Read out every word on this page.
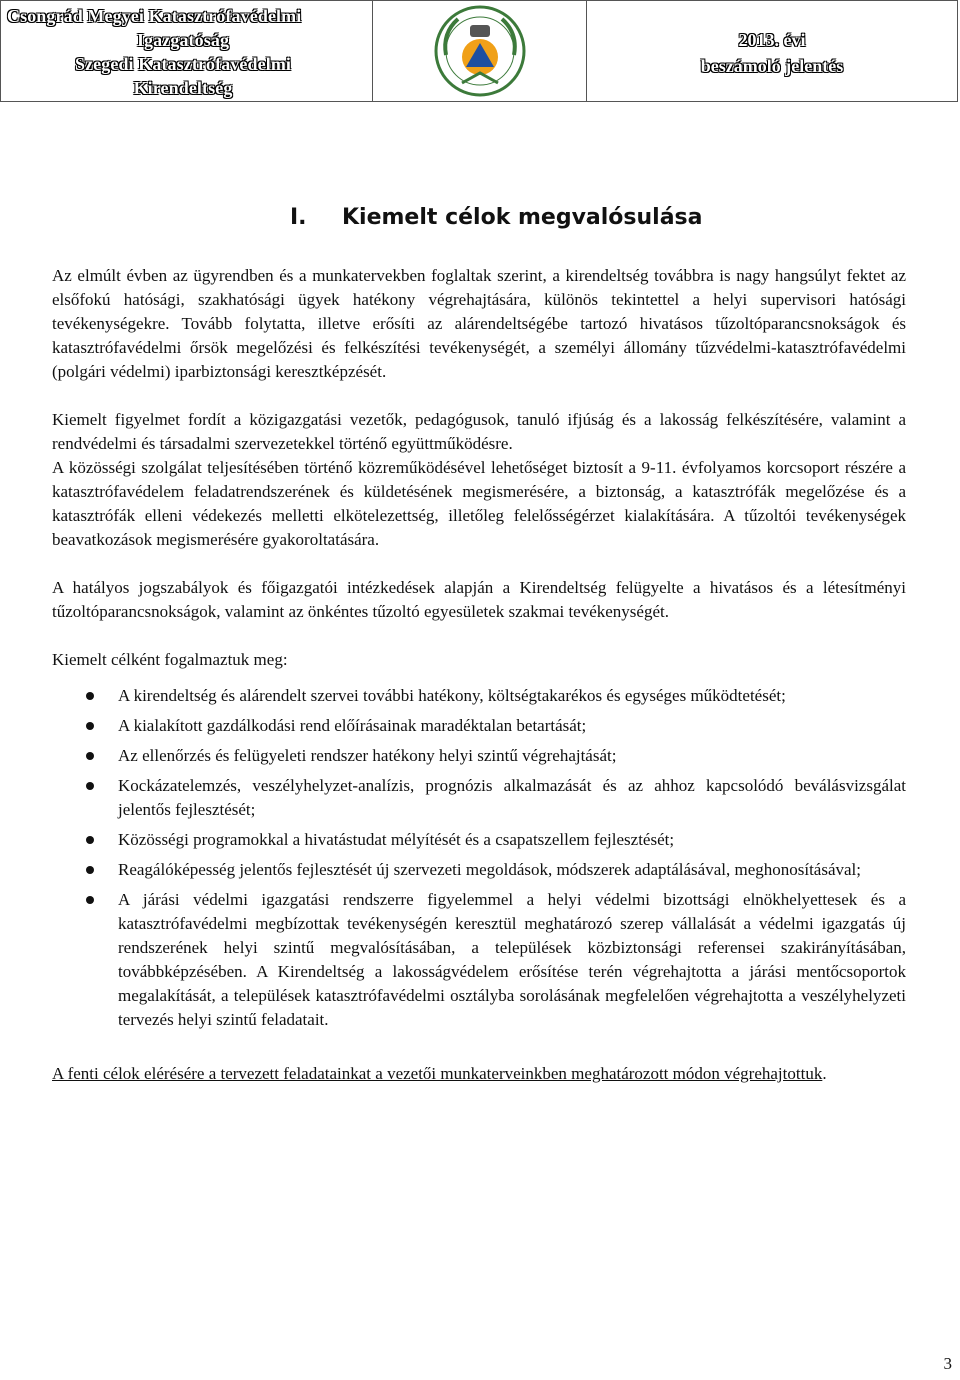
Csongrád Megyei Katasztrófavédelmi
Igazgatóság
Szegedi Katasztrófavédelmi
Kirendeltség
2013. évi
beszámoló jelentés
I. Kiemelt célok megvalósulása

Az elmúlt évben az ügyrendben és a munkatervekben foglaltak szerint, a kirendeltség továbbra is nagy hangsúlyt fektet az elsőfokú hatósági, szakhatósági ügyek hatékony végrehajtására, különös tekintettel a helyi supervisori hatósági tevékenységekre. Tovább folytatta, illetve erősíti az alárendeltségébe tartozó hivatásos tűzoltóparancsnokságok és katasztrófavédelmi őrsök megelőzési és felkészítési tevékenységét, a személyi állomány tűzvédelmi-katasztrófavédelmi (polgári védelmi) iparbiztonsági keresztképzését.

Kiemelt figyelmet fordít a közigazgatási vezetők, pedagógusok, tanuló ifjúság és a lakosság felkészítésére, valamint a rendvédelmi és társadalmi szervezetekkel történő együttműködésre.

A közösségi szolgálat teljesítésében történő közreműködésével lehetőséget biztosít a 9-11. évfolyamos korcsoport részére a katasztrófavédelem feladatrendszerének és küldetésének megismerésére, a biztonság, a katasztrófák megelőzése és a katasztrófák elleni védekezés melletti elkötelezettség, illetőleg felelősségérzet kialakítására. A tűzoltói tevékenységek beavatkozások megismerésére gyakoroltatására.

A hatályos jogszabályok és főigazgatói intézkedések alapján a Kirendeltség felügyelte a hivatásos és a létesítményi tűzoltóparancsnokságok, valamint az önkéntes tűzoltó egyesületek szakmai tevékenységét.

Kiemelt célként fogalmaztuk meg:

A kirendeltség és alárendelt szervei további hatékony, költségtakarékos és egységes működtetését;
A kialakított gazdálkodási rend előírásainak maradéktalan betartását;
Az ellenőrzés és felügyeleti rendszer hatékony helyi szintű végrehajtását;
Kockázatelemzés, veszélyhelyzet-analízis, prognózis alkalmazását és az ahhoz kapcsolódó beválásvizsgálat jelentős fejlesztését;
Közösségi programokkal a hivatástudat mélyítését és a csapatszellem fejlesztését;
Reagálóképesség jelentős fejlesztését új szervezeti megoldások, módszerek adaptálásával, meghonosításával;
A járási védelmi igazgatási rendszerre figyelemmel a helyi védelmi bizottsági elnökhelyettesek és a katasztrófavédelmi megbízottak tevékenységén keresztül meghatározó szerep vállalását a védelmi igazgatás új rendszerének helyi szintű megvalósításában, a települések közbiztonsági referensei szakirányításában, továbbképzésében. A Kirendeltség a lakosságvédelem erősítése terén végrehajtotta a járási mentőcsoportok megalakítását, a települések katasztrófavédelmi osztályba sorolásának megfelelően végrehajtotta a veszélyhelyzeti tervezés helyi szintű feladatait.

A fenti célok elérésére a tervezett feladatainkat a vezetői munkaterveinkben meghatározott módon végrehajtottuk.

3
